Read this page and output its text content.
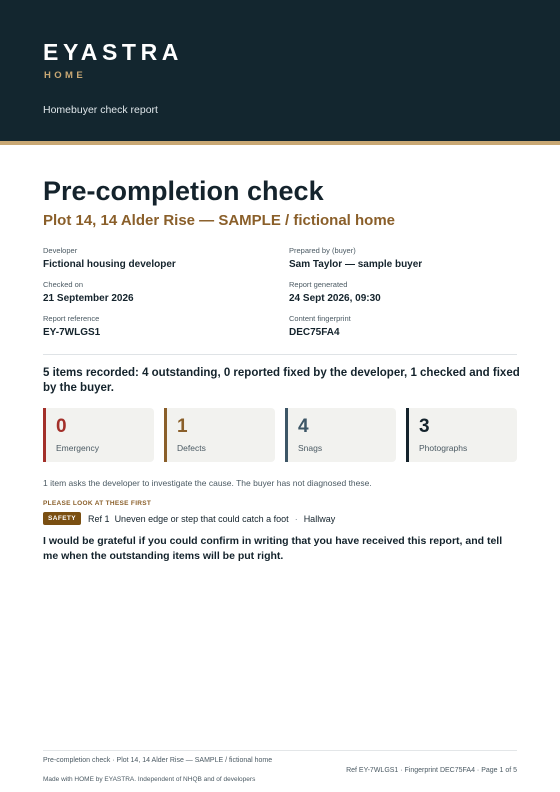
EYASTRA
HOME
Homebuyer check report
Pre-completion check
Plot 14, 14 Alder Rise — SAMPLE / fictional home
Developer
Fictional housing developer
Prepared by (buyer)
Sam Taylor — sample buyer
Checked on
21 September 2026
Report generated
24 Sept 2026, 09:30
Report reference
EY-7WLGS1
Content fingerprint
DEC75FA4
5 items recorded: 4 outstanding, 0 reported fixed by the developer, 1 checked and fixed by the buyer.
0
Emergency
1
Defects
4
Snags
3
Photographs
1 item asks the developer to investigate the cause. The buyer has not diagnosed these.
PLEASE LOOK AT THESE FIRST
SAFETY	Ref 1 Uneven edge or step that could catch a foot · Hallway
I would be grateful if you could confirm in writing that you have received this report, and tell me when the outstanding items will be put right.
Pre-completion check · Plot 14, 14 Alder Rise — SAMPLE / fictional home
Ref EY-7WLGS1 · Fingerprint DEC75FA4 · Page 1 of 5
Made with HOME by EYASTRA. Independent of NHQB and of developers
